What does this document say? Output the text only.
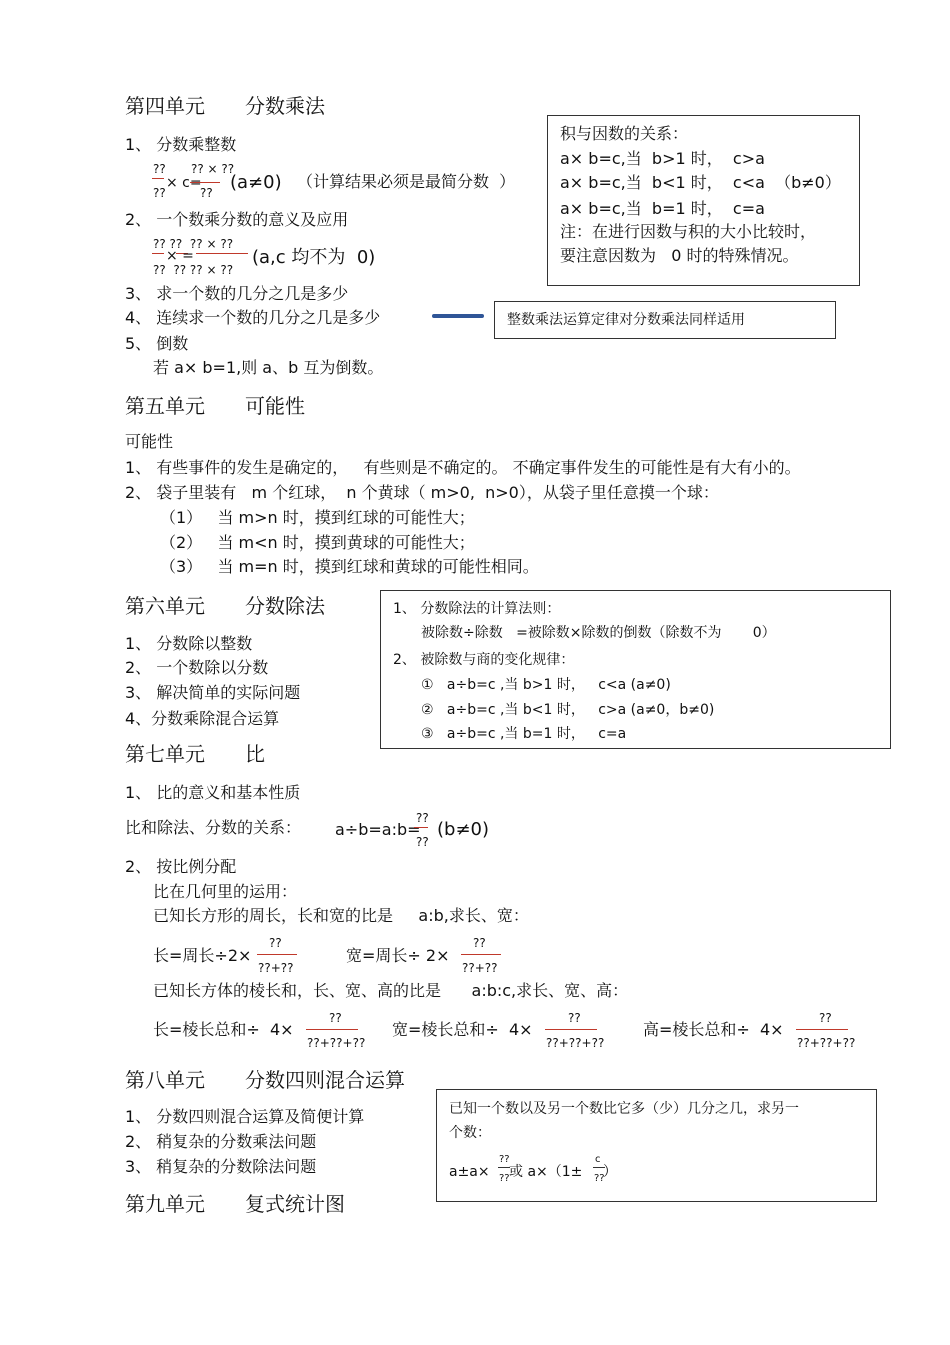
第四单元　　分数乘法
1、 分数乘整数
??
??
× c=
?? × ??
?? (a≠0) （计算结果必须是最简分数  ）
2、 一个数乘分数的意义及应用
?? ??  ?? × ??
× =
??  ?? ?? × ??
(a,c 均不为  0)
3、 求一个数的几分之几是多少
4、 连续求一个数的几分之几是多少
5、 倒数
若 a× b=1,则 a、b 互为倒数。
积与因数的关系：
a× b=c,当  b>1 时，  c>a
a× b=c,当  b<1 时，  c<a  （b≠0）
a× b=c,当  b=1 时，  c=a
注：在进行因数与积的大小比较时，
要注意因数为   0 时的特殊情况。
整数乘法运算定律对分数乘法同样适用
第五单元　　可能性
可能性
1、 有些事件的发生是确定的，   有些则是不确定的。 不确定事件发生的可能性是有大有小的。
2、 袋子里装有   m 个红球，  n 个黄球（ m>0,  n>0），从袋子里任意摸一个球：
（1）   当 m>n 时，摸到红球的可能性大；
（2）   当 m<n 时，摸到黄球的可能性大；
（3）   当 m=n 时，摸到红球和黄球的可能性相同。
第六单元　　分数除法
1、 分数除以整数
2、 一个数除以分数
3、 解决简单的实际问题
4、分数乘除混合运算
1、 分数除法的计算法则：
被除数÷除数   =被除数×除数的倒数（除数不为       0）
2、 被除数与商的变化规律：
①   a÷b=c ,当 b>1 时，   c<a (a≠0)
②   a÷b=c ,当 b<1 时，   c>a (a≠0，b≠0)
③   a÷b=c ,当 b=1 时，   c=a
第七单元　　比
1、 比的意义和基本性质
比和除法、分数的关系： a÷b=a:b=
??
??
(b≠0)
2、 按比例分配
比在几何里的运用：
已知长方形的周长，长和宽的比是     a:b,求长、宽：
长=周长÷2×
??
??+??
宽=周长÷ 2×
??
??+??
已知长方体的棱长和，长、宽、高的比是      a:b:c,求长、宽、高：
长=棱长总和÷  4×
??
??+??+??
宽=棱长总和÷  4×
??
??+??+??
高=棱长总和÷  4×
??
??+??+??
第八单元　　分数四则混合运算
1、 分数四则混合运算及简便计算
2、 稍复杂的分数乘法问题
3、 稍复杂的分数除法问题
已知一个数以及另一个数比它多（少）几分之几，求另一
个数：
a±a×
??
?? 或 a×（1±
c
??
）
第九单元　　复式统计图
